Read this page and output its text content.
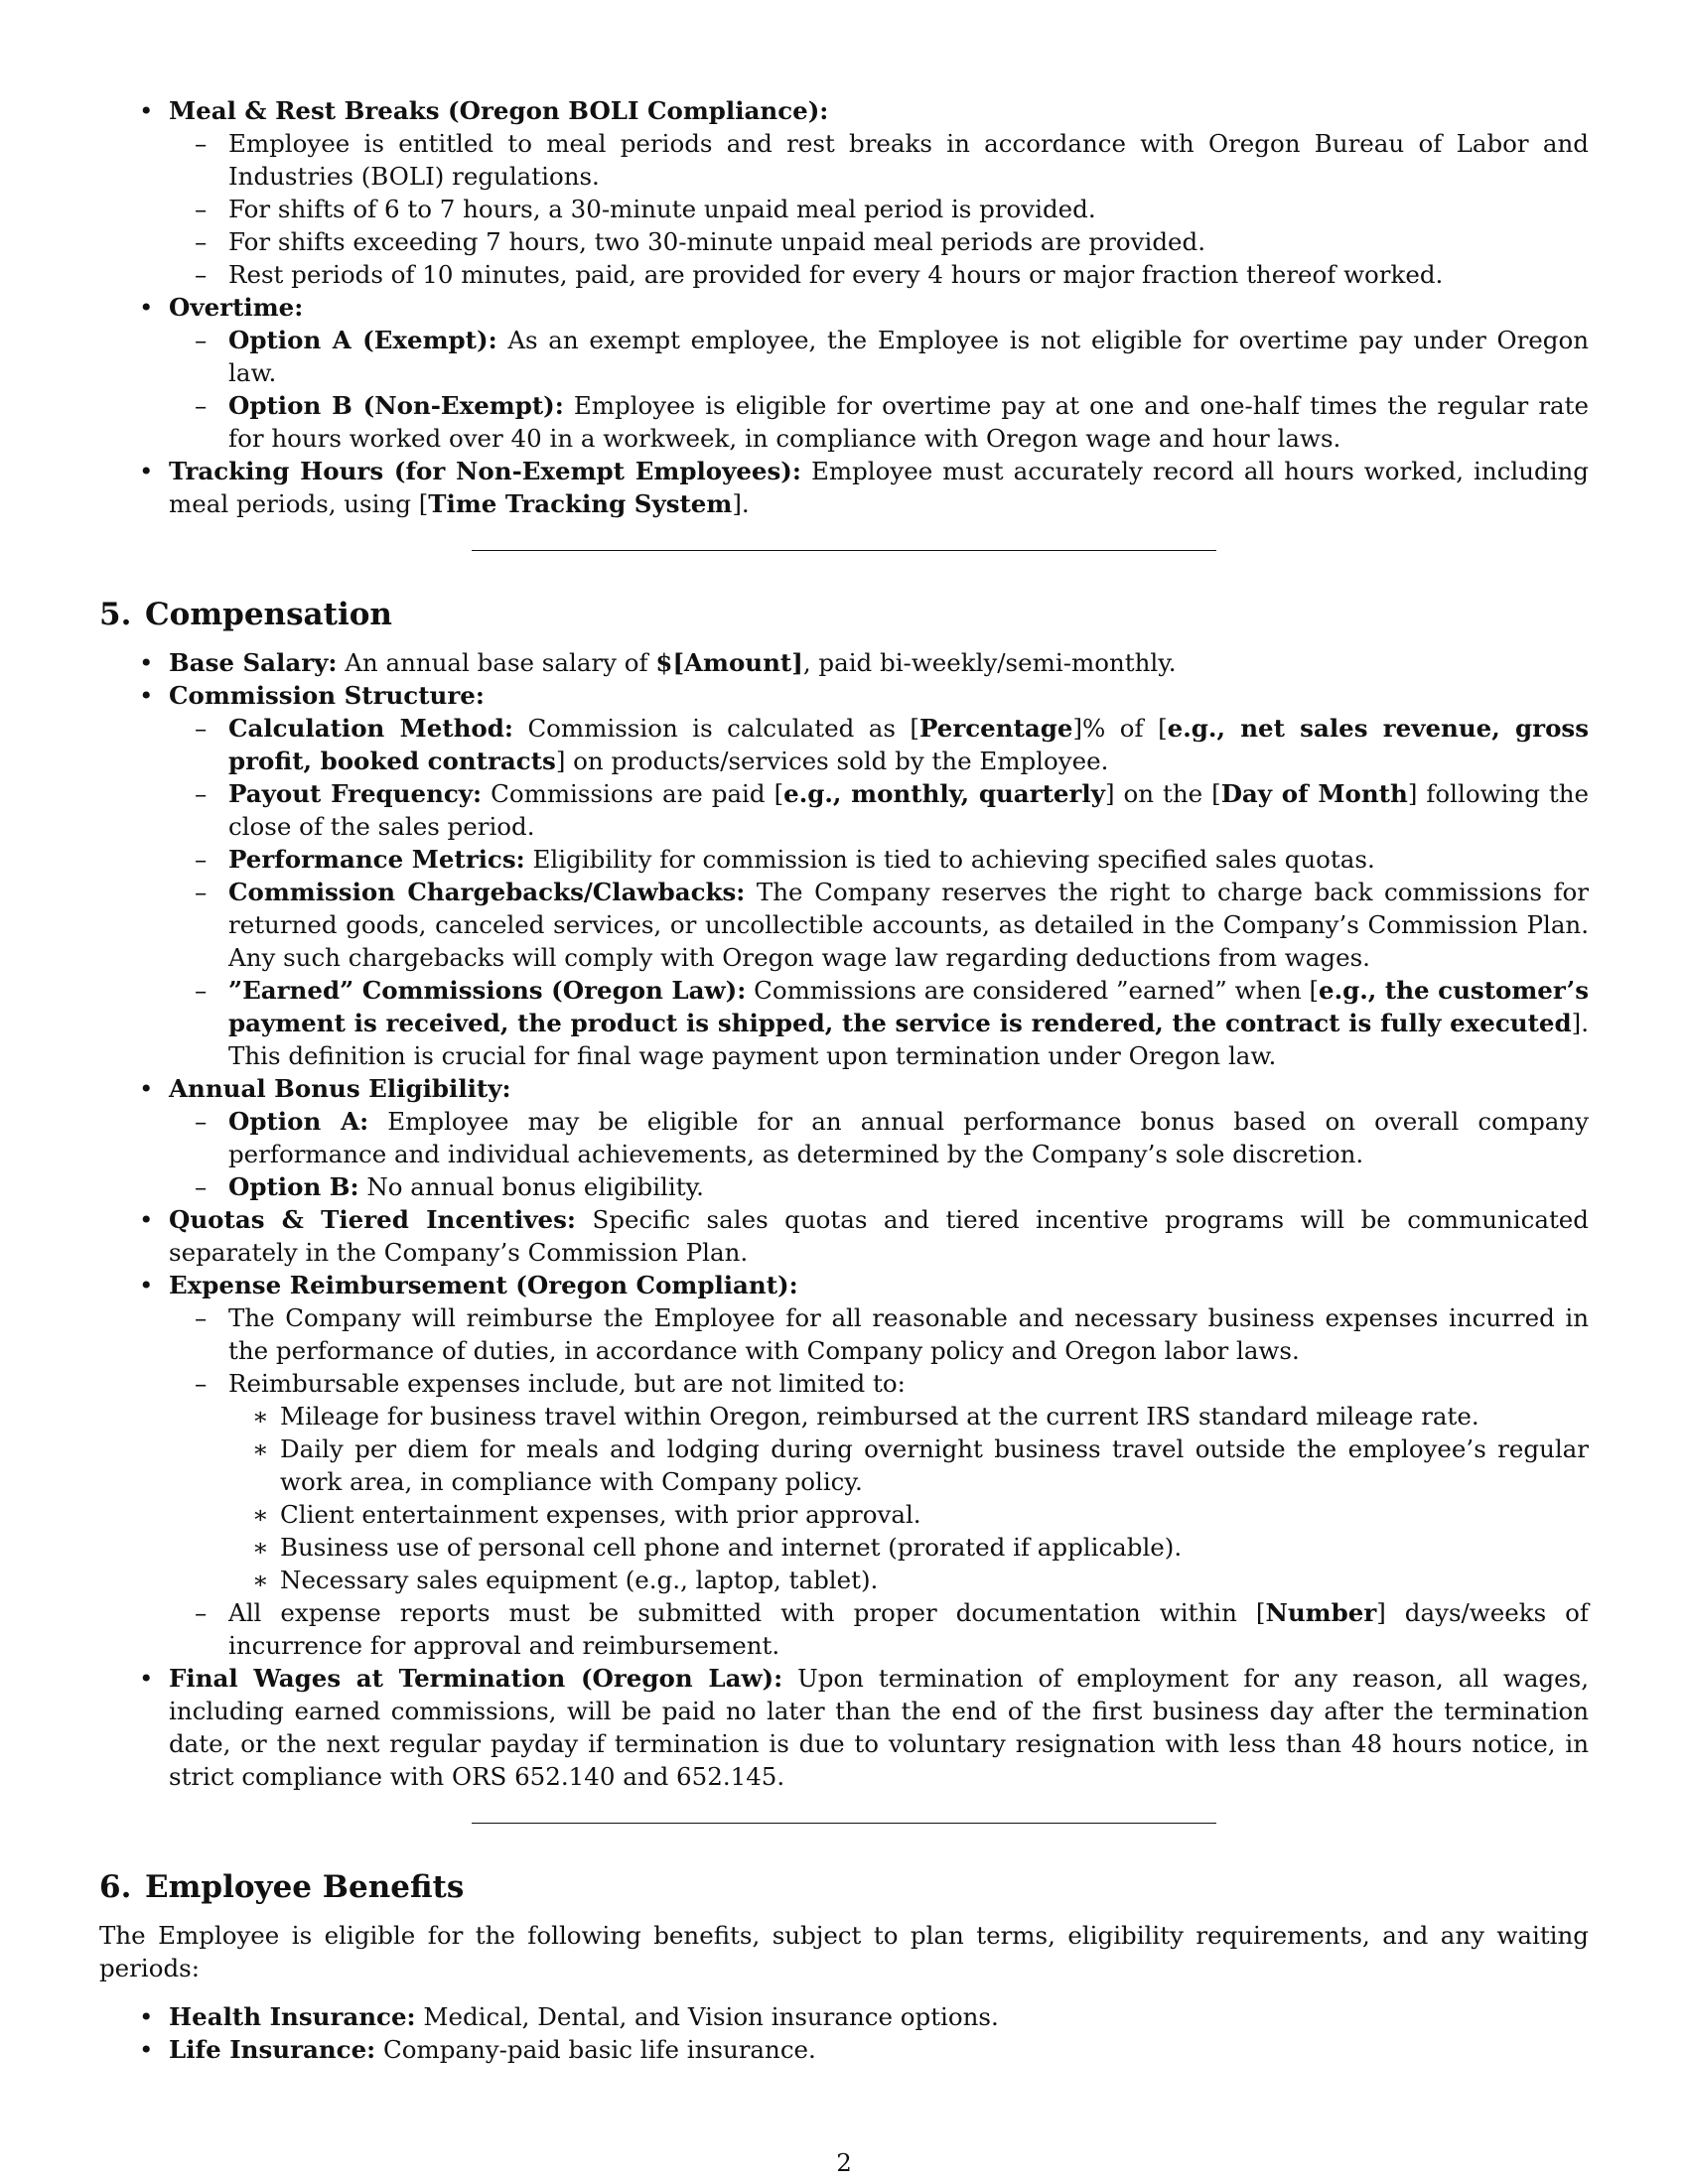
• Meal & Rest Breaks (Oregon BOLI Compliance):
– Employee is entitled to meal periods and rest breaks in accordance with Oregon Bureau of Labor and Industries (BOLI) regulations.
– For shifts of 6 to 7 hours, a 30-minute unpaid meal period is provided.
– For shifts exceeding 7 hours, two 30-minute unpaid meal periods are provided.
– Rest periods of 10 minutes, paid, are provided for every 4 hours or major fraction thereof worked.
• Overtime:
– Option A (Exempt): As an exempt employee, the Employee is not eligible for overtime pay under Oregon law.
– Option B (Non-Exempt): Employee is eligible for overtime pay at one and one-half times the regular rate for hours worked over 40 in a workweek, in compliance with Oregon wage and hour laws.
• Tracking Hours (for Non-Exempt Employees): Employee must accurately record all hours worked, including meal periods, using [Time Tracking System].
5. Compensation
• Base Salary: An annual base salary of $[Amount], paid bi-weekly/semi-monthly.
• Commission Structure:
– Calculation Method: Commission is calculated as [Percentage]% of [e.g., net sales revenue, gross profit, booked contracts] on products/services sold by the Employee.
– Payout Frequency: Commissions are paid [e.g., monthly, quarterly] on the [Day of Month] following the close of the sales period.
– Performance Metrics: Eligibility for commission is tied to achieving specified sales quotas.
– Commission Chargebacks/Clawbacks: The Company reserves the right to charge back commissions for returned goods, canceled services, or uncollectible accounts, as detailed in the Company’s Commission Plan. Any such chargebacks will comply with Oregon wage law regarding deductions from wages.
– ”Earned” Commissions (Oregon Law): Commissions are considered ”earned” when [e.g., the customer’s payment is received, the product is shipped, the service is rendered, the contract is fully executed]. This definition is crucial for final wage payment upon termination under Oregon law.
• Annual Bonus Eligibility:
– Option A: Employee may be eligible for an annual performance bonus based on overall company performance and individual achievements, as determined by the Company’s sole discretion.
– Option B: No annual bonus eligibility.
• Quotas & Tiered Incentives: Specific sales quotas and tiered incentive programs will be communicated separately in the Company’s Commission Plan.
• Expense Reimbursement (Oregon Compliant):
– The Company will reimburse the Employee for all reasonable and necessary business expenses incurred in the performance of duties, in accordance with Company policy and Oregon labor laws.
– Reimbursable expenses include, but are not limited to:
∗ Mileage for business travel within Oregon, reimbursed at the current IRS standard mileage rate.
∗ Daily per diem for meals and lodging during overnight business travel outside the employee’s regular work area, in compliance with Company policy.
∗ Client entertainment expenses, with prior approval.
∗ Business use of personal cell phone and internet (prorated if applicable).
∗ Necessary sales equipment (e.g., laptop, tablet).
– All expense reports must be submitted with proper documentation within [Number] days/weeks of incurrence for approval and reimbursement.
• Final Wages at Termination (Oregon Law): Upon termination of employment for any reason, all wages, including earned commissions, will be paid no later than the end of the first business day after the termination date, or the next regular payday if termination is due to voluntary resignation with less than 48 hours notice, in strict compliance with ORS 652.140 and 652.145.
6. Employee Benefits
The Employee is eligible for the following benefits, subject to plan terms, eligibility requirements, and any waiting periods:
• Health Insurance: Medical, Dental, and Vision insurance options.
• Life Insurance: Company-paid basic life insurance.
2
